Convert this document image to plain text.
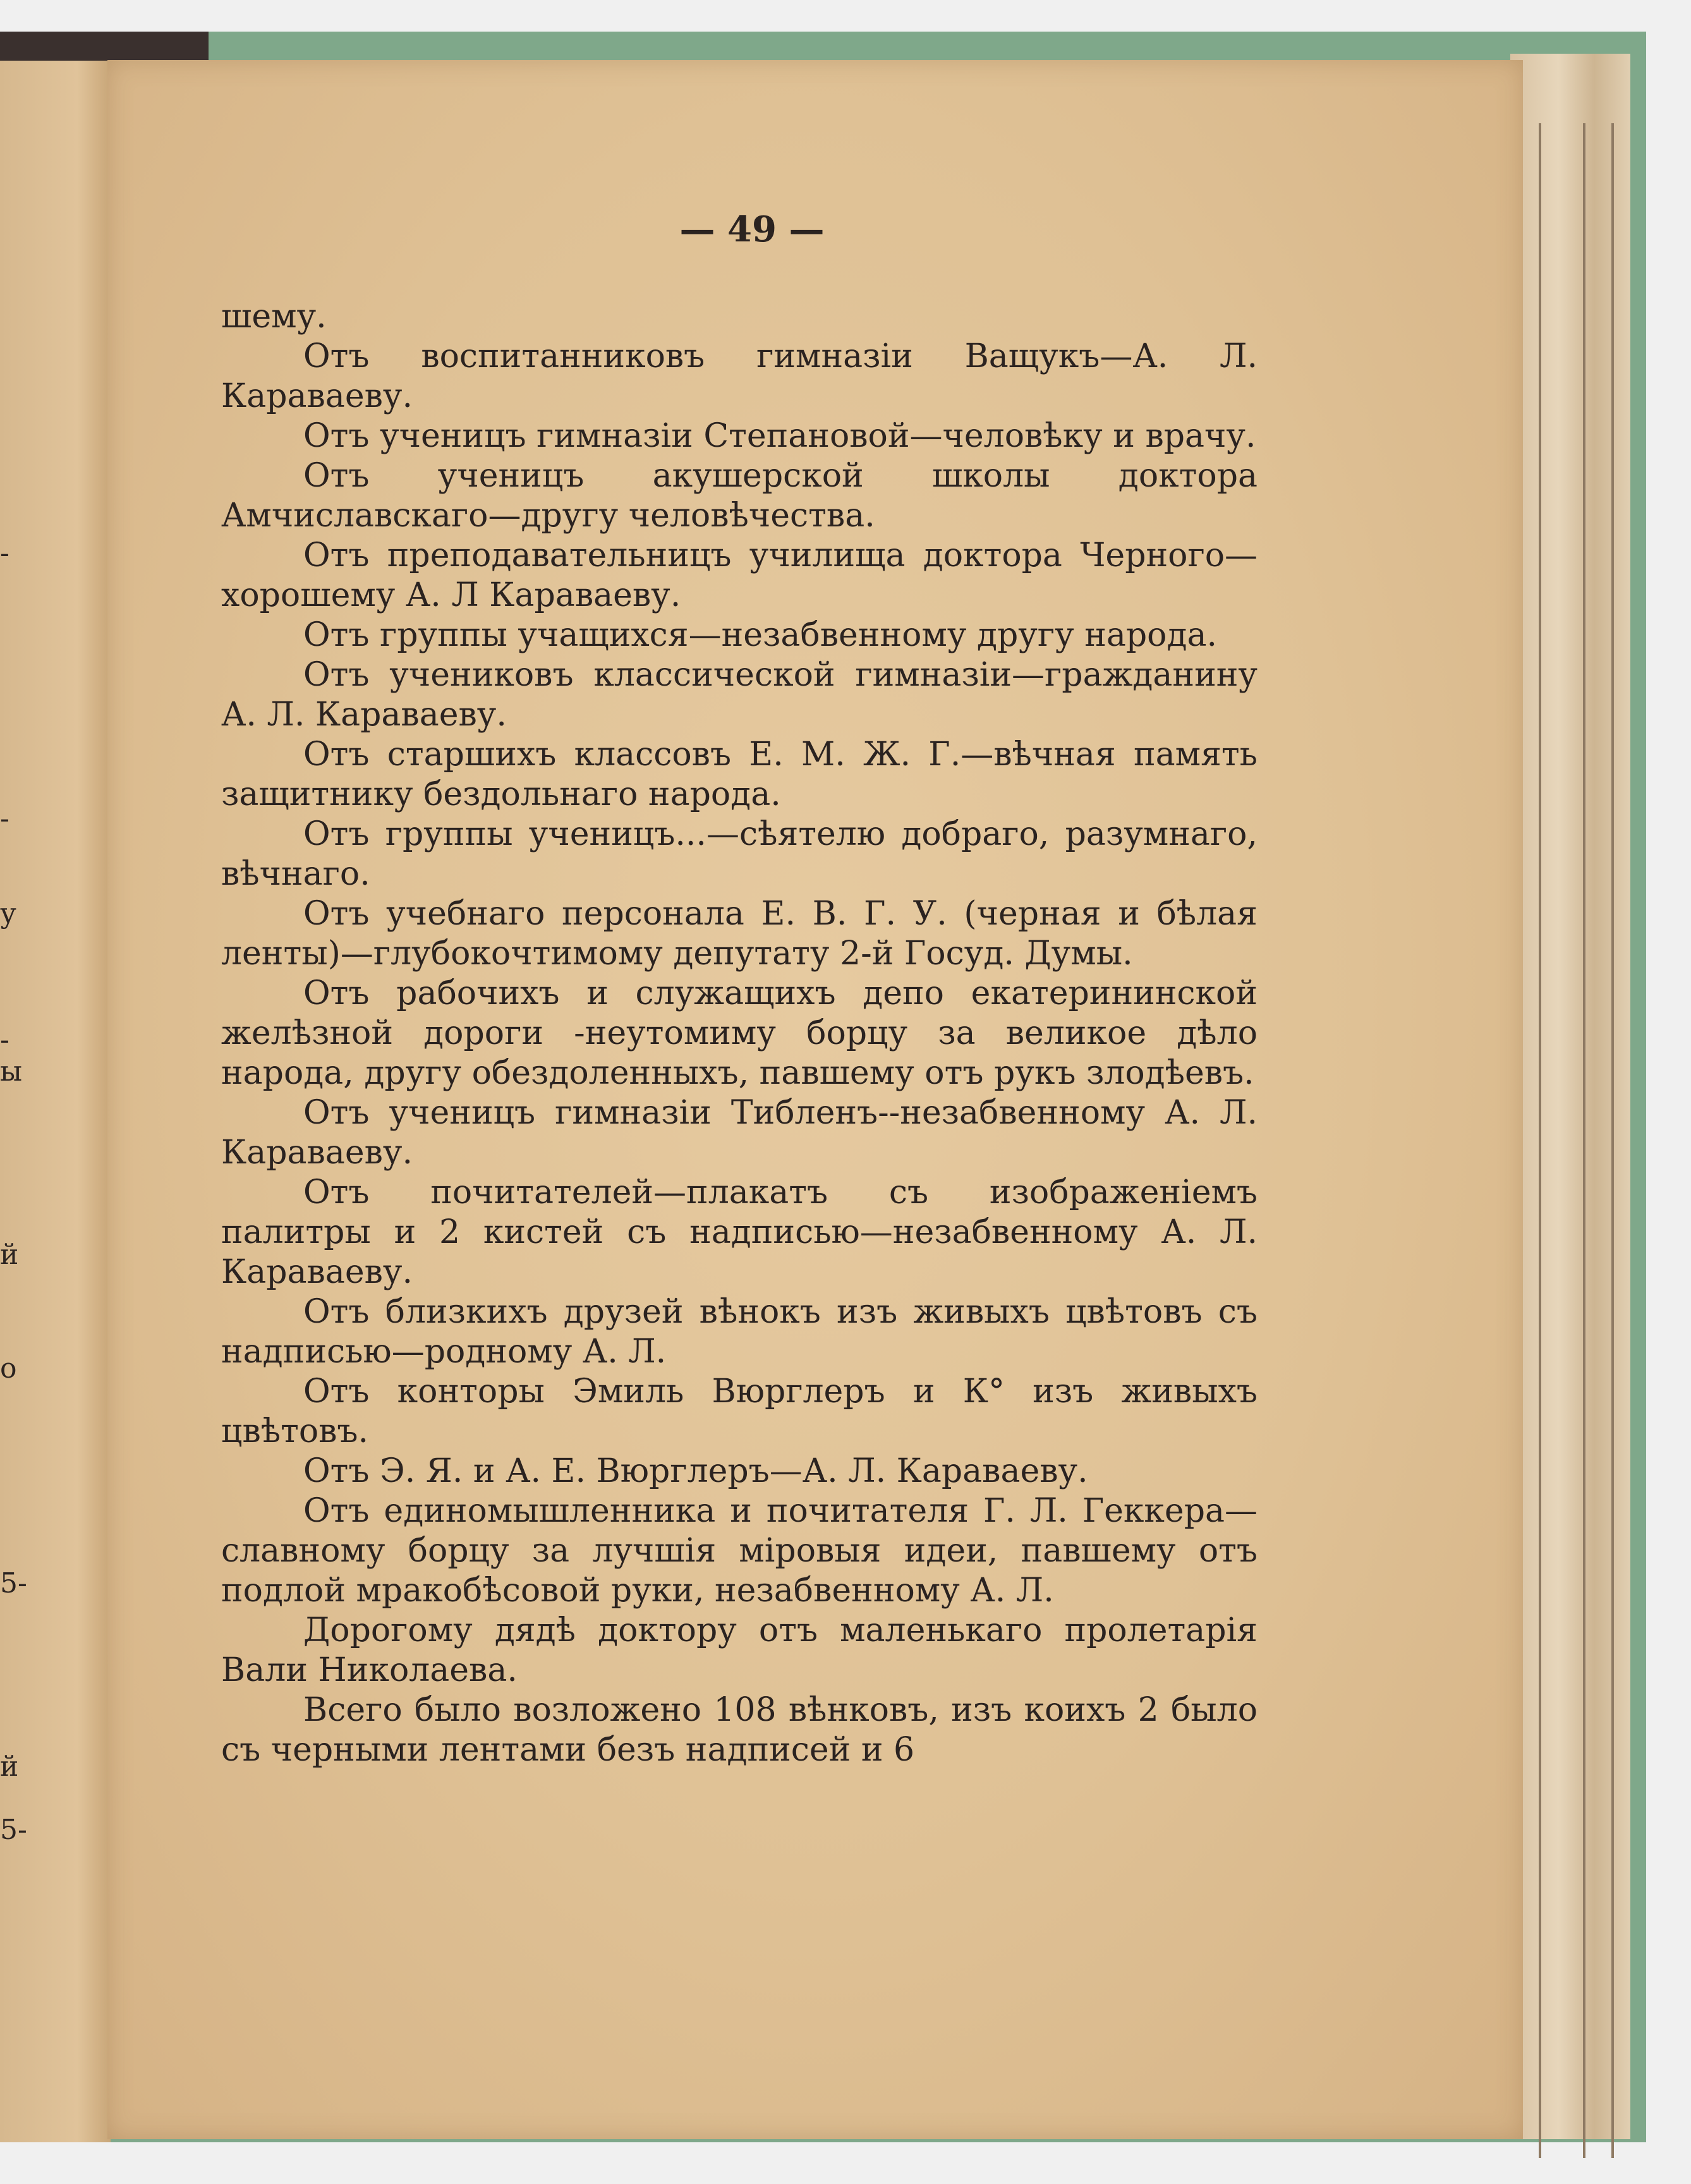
-
-
у
-
ы
й
о
5-
й
5-
— 49 —

шему.

Отъ воспитанниковъ гимназіи Ващукъ—А. Л. Караваеву.

Отъ ученицъ гимназіи Степановой—человѣку и врачу.

Отъ ученицъ акушерской школы доктора Амчиславскаго—другу человѣчества.

Отъ преподавательницъ училища доктора Черного—хорошему А. Л Караваеву.

Отъ группы учащихся—незабвенному другу народа.

Отъ учениковъ классической гимназіи—гражданину А. Л. Караваеву.

Отъ старшихъ классовъ Е. М. Ж. Г.—вѣчная память защитнику бездольнаго народа.

Отъ группы ученицъ...—сѣятелю добраго, разумнаго, вѣчнаго.

Отъ учебнаго персонала Е. В. Г. У. (черная и бѣлая ленты)—глубокочтимому депутату 2-й Госуд. Думы.

Отъ рабочихъ и служащихъ депо екатерининской желѣзной дороги -неутомиму борцу за великое дѣло народа, другу обездоленныхъ, павшему отъ рукъ злодѣевъ.

Отъ ученицъ гимназіи Тибленъ--незабвенному А. Л. Караваеву.

Отъ почитателей—плакатъ съ изображеніемъ палитры и 2 кистей съ надписью—незабвенному А. Л. Караваеву.

Отъ близкихъ друзей вѣнокъ изъ живыхъ цвѣтовъ съ надписью—родному А. Л.

Отъ конторы Эмиль Вюрглеръ и К° изъ живыхъ цвѣтовъ.

Отъ Э. Я. и А. Е. Вюрглеръ—А. Л. Караваеву.

Отъ единомышленника и почитателя Г. Л. Геккера—славному борцу за лучшія міровыя идеи, павшему отъ подлой мракобѣсовой руки, незабвенному А. Л.

Дорогому дядѣ доктору отъ маленькаго пролетарія Вали Николаева.

Всего было возложено 108 вѣнковъ, изъ коихъ 2 было съ черными лентами безъ надписей и 6
